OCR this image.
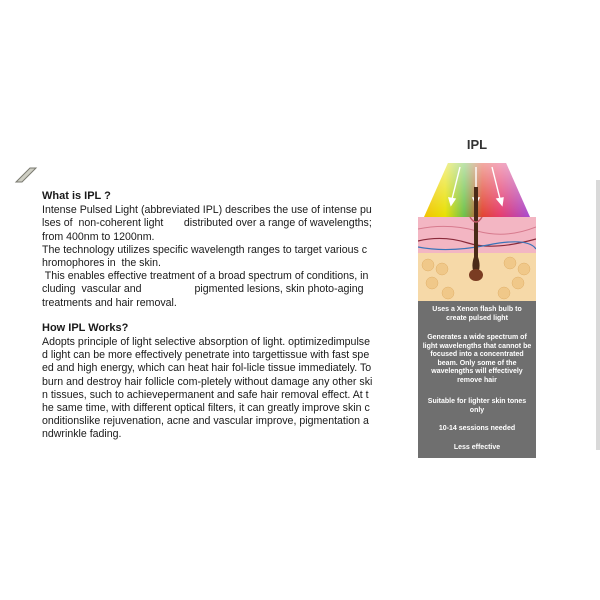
What is IPL ?

Intense Pulsed Light (abbreviated IPL) describes the use of intense pu

lses of  non-coherent light       distributed over a range of wavelengths;

from 400nm to 1200nm.

The technology utilizes specific wavelength ranges to target various c

hromophores in  the skin.

This enables effective treatment of a broad spectrum of conditions, in

cluding  vascular and                  pigmented lesions, skin photo-aging

treatments and hair removal.

How IPL Works?

Adopts principle of light selective absorption of light. optimizedimpulse

d light can be more effectively penetrate into targettissue with fast spe

ed and high energy, which can heat hair fol-licle tissue immediately. To

burn and destroy hair follicle com-pletely without damage any other ski

n tissues, such to achievepermanent and safe hair removal effect. At t

he same time, with different optical filters, it can greatly improve skin c

onditionslike rejuvenation, acne and vascular improve, pigmentation a

ndwrinkle fading.

IPL

Uses a Xenon flash bulb to create pulsed light

Generates a wide spectrum of light wavelengths that cannot be focused into a concentrated beam. Only some of the wavelengths will effectively remove hair

Suitable for lighter skin tones only

10-14 sessions needed

Less effective
